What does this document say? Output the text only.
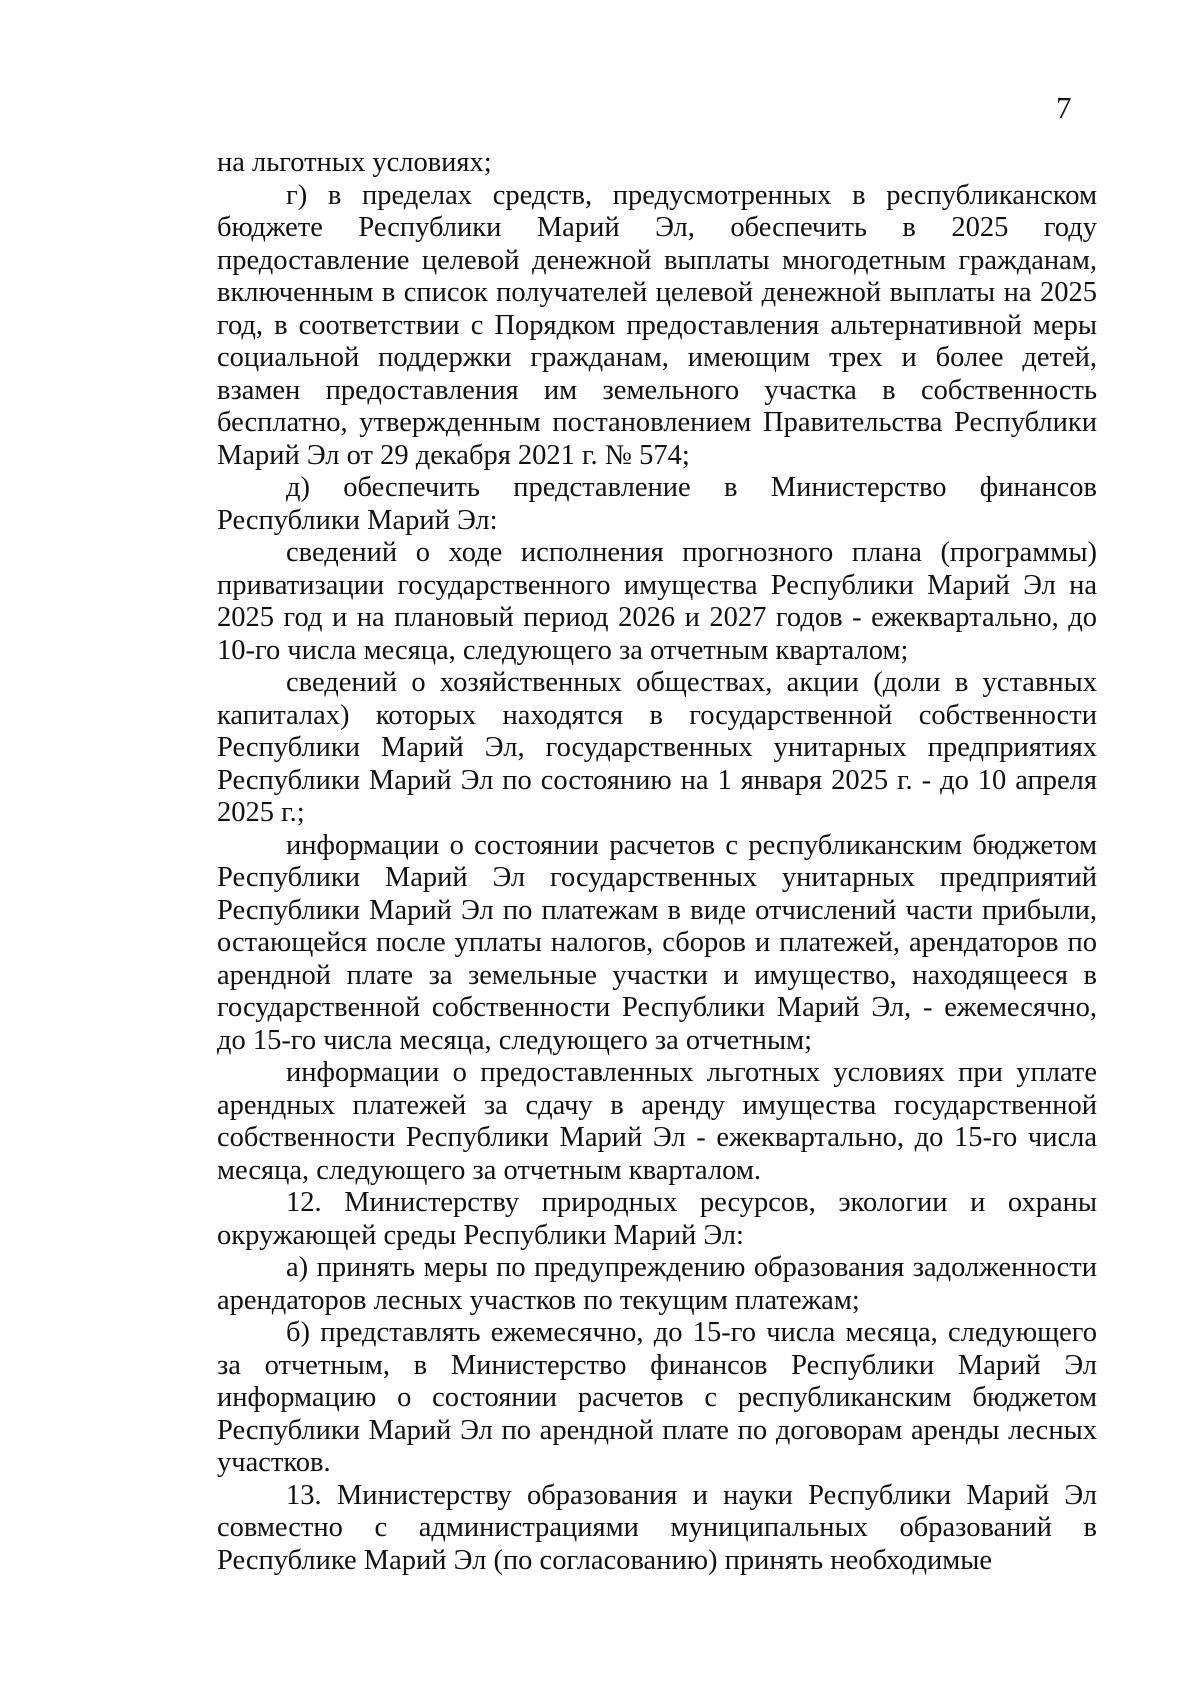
7

на льготных условиях;

г) в пределах средств, предусмотренных в республиканском бюджете Республики Марий Эл, обеспечить в 2025 году предоставление целевой денежной выплаты многодетным гражданам, включенным в список получателей целевой денежной выплаты на 2025 год, в соответствии с Порядком предоставления альтернативной меры социальной поддержки гражданам, имеющим трех и более детей, взамен предоставления им земельного участка в собственность бесплатно, утвержденным постановлением Правительства Республики Марий Эл от 29 декабря 2021 г. № 574;

д) обеспечить представление в Министерство финансов Республики Марий Эл:

сведений о ходе исполнения прогнозного плана (программы) приватизации государственного имущества Республики Марий Эл на 2025 год и на плановый период 2026 и 2027 годов - ежеквартально, до 10-го числа месяца, следующего за отчетным кварталом;

сведений о хозяйственных обществах, акции (доли в уставных капиталах) которых находятся в государственной собственности Республики Марий Эл, государственных унитарных предприятиях Республики Марий Эл по состоянию на 1 января 2025 г. - до 10 апреля 2025 г.;

информации о состоянии расчетов с республиканским бюджетом Республики Марий Эл государственных унитарных предприятий Республики Марий Эл по платежам в виде отчислений части прибыли, остающейся после уплаты налогов, сборов и платежей, арендаторов по арендной плате за земельные участки и имущество, находящееся в государственной собственности Республики Марий Эл, - ежемесячно, до 15-го числа месяца, следующего за отчетным;

информации о предоставленных льготных условиях при уплате арендных платежей за сдачу в аренду имущества государственной собственности Республики Марий Эл - ежеквартально, до 15-го числа месяца, следующего за отчетным кварталом.

12. Министерству природных ресурсов, экологии и охраны окружающей среды Республики Марий Эл:

а) принять меры по предупреждению образования задолженности арендаторов лесных участков по текущим платежам;

б) представлять ежемесячно, до 15-го числа месяца, следующего за отчетным, в Министерство финансов Республики Марий Эл информацию о состоянии расчетов с республиканским бюджетом Республики Марий Эл по арендной плате по договорам аренды лесных участков.

13. Министерству образования и науки Республики Марий Эл совместно с администрациями муниципальных образований в Республике Марий Эл (по согласованию) принять необходимые
